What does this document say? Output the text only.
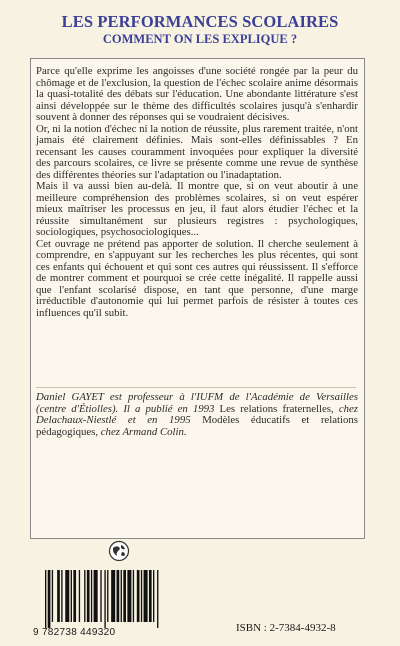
LES PERFORMANCES SCOLAIRES
COMMENT ON LES EXPLIQUE ?

Parce qu'elle exprime les angoisses d'une société rongée par la peur du chômage et de l'exclusion, la question de l'échec scolaire anime désormais la quasi-totalité des débats sur l'éducation. Une abondante littérature s'est ainsi développée sur le thème des difficultés scolaires jusqu'à s'enhardir souvent à donner des réponses qui se voudraient décisives.

Or, ni la notion d'échec ni la notion de réussite, plus rarement traitée, n'ont jamais été clairement définies. Mais sont-elles définissables ? En recensant les causes couramment invoquées pour expliquer la diversité des parcours scolaires, ce livre se présente comme une revue de synthèse des différentes théories sur l'adaptation ou l'inadaptation.

Mais il va aussi bien au-delà. Il montre que, si on veut aboutir à une meilleure compréhension des problèmes scolaires, si on veut espérer mieux maîtriser les processus en jeu, il faut alors étudier l'échec et la réussite simultanément sur plusieurs registres : psychologiques, sociologiques, psychosociologiques...

Cet ouvrage ne prétend pas apporter de solution. Il cherche seulement à comprendre, en s'appuyant sur les recherches les plus récentes, qui sont ces enfants qui échouent et qui sont ces autres qui réussissent. Il s'efforce de montrer comment et pourquoi se crée cette inégalité. Il rappelle aussi que l'enfant scolarisé dispose, en tant que personne, d'une marge irréductible d'autonomie qui lui permet parfois de résister à toutes ces influences qu'il subit.

Daniel GAYET est professeur à l'IUFM de l'Académie de Versailles (centre d'Étiolles). Il a publié en 1993 Les relations fraternelles, chez Delachaux-Niestlé et en 1995 Modèles éducatifs et relations pédagogiques, chez Armand Colin.
9 782738 449320	ISBN : 2-7384-4932-8
